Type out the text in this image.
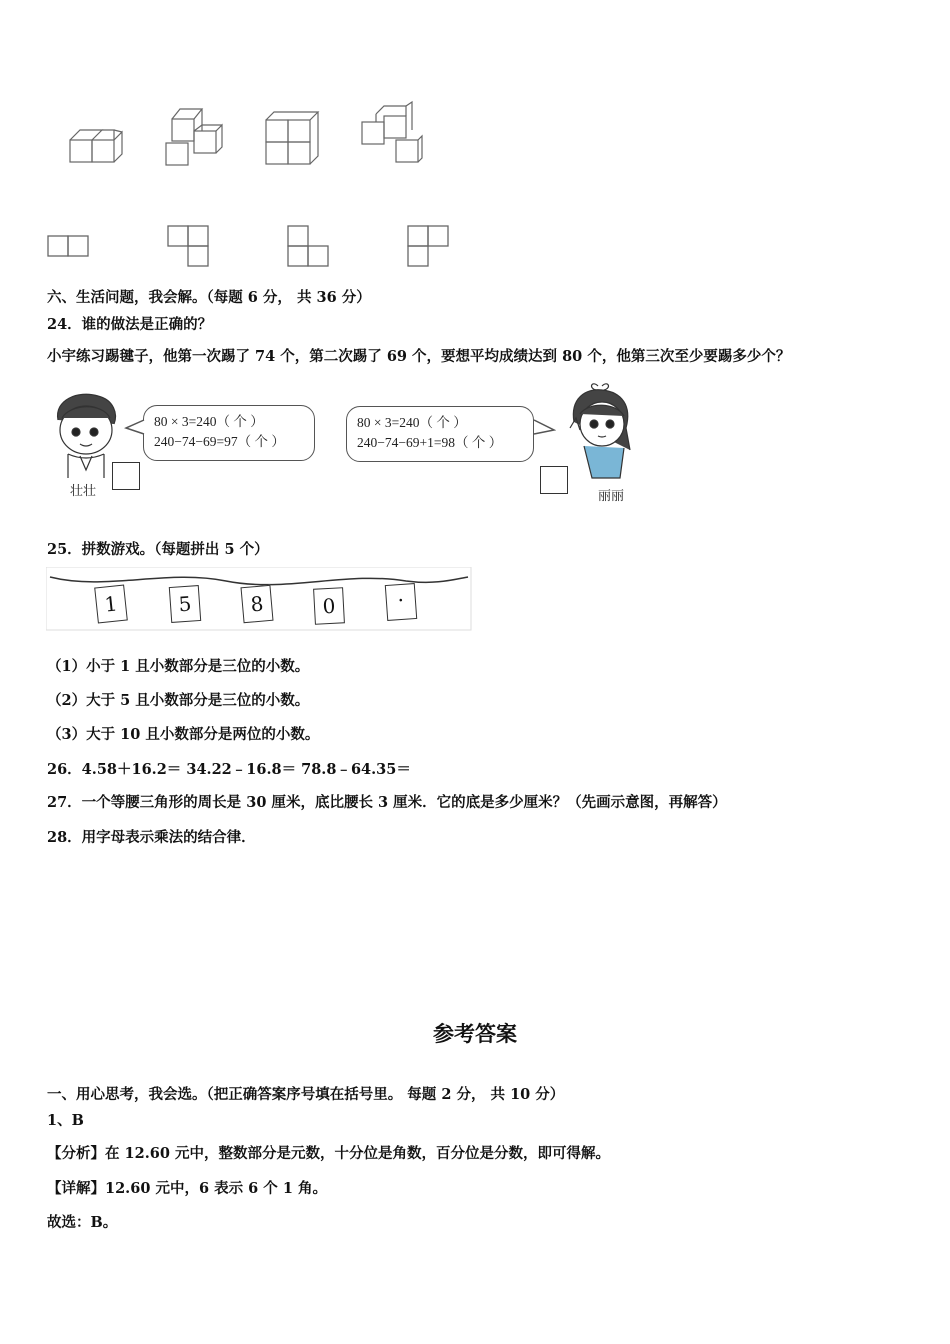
六、生活问题，我会解。（每题 6 分， 共 36 分）
24．谁的做法是正确的？
小宇练习踢毽子，他第一次踢了 74 个，第二次踢了 69 个，要想平均成绩达到 80 个，他第三次至少要踢多少个？
壮壮
80 × 3=240（ 个 ）
240−74−69=97（ 个 ）
80 × 3=240（ 个 ）
240−74−69+1=98（ 个 ）
丽丽
25．拼数游戏。（每题拼出 5 个）
1	5	8	0	·
（1）小于 1 且小数部分是三位的小数。
（2）大于 5 且小数部分是三位的小数。
（3）大于 10 且小数部分是两位的小数。
26．4.58＋16.2＝ 34.22﹣16.8＝ 78.8﹣64.35＝
27．一个等腰三角形的周长是 30 厘米，底比腰长 3 厘米．它的底是多少厘米？（先画示意图，再解答）
28．用字母表示乘法的结合律．
参考答案
一、用心思考，我会选。（把正确答案序号填在括号里。 每题 2 分， 共 10 分）
1、B
【分析】在 12.60 元中，整数部分是元数，十分位是角数，百分位是分数，即可得解。
【详解】12.60 元中，6 表示 6 个 1 角。
故选：B。
